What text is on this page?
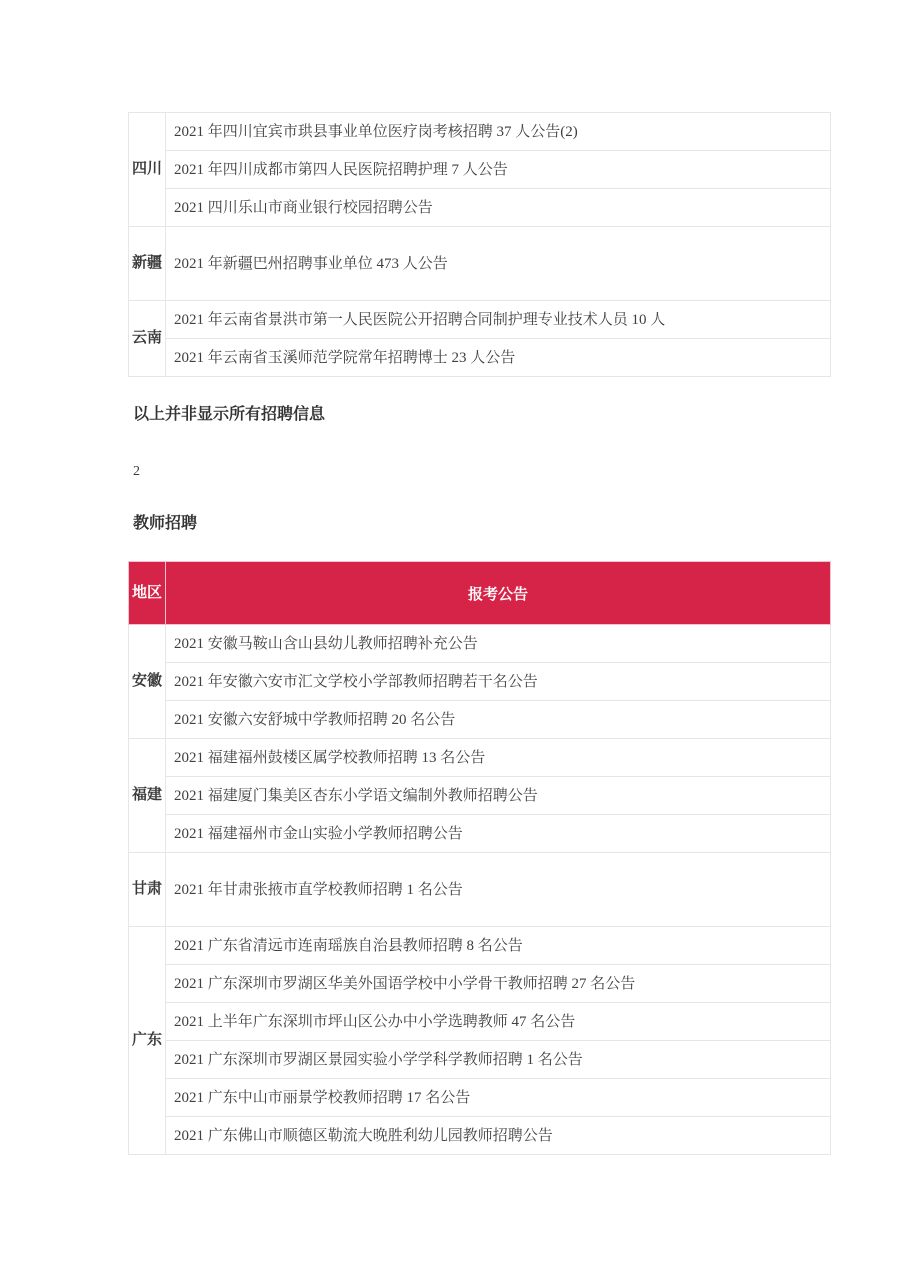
四川	2021 年四川宜宾市珙县事业单位医疗岗考核招聘 37 人公告(2)
	2021 年四川成都市第四人民医院招聘护理 7 人公告
	2021 四川乐山市商业银行校园招聘公告
新疆	2021 年新疆巴州招聘事业单位 473 人公告
云南	2021 年云南省景洪市第一人民医院公开招聘合同制护理专业技术人员 10 人
	2021 年云南省玉溪师范学院常年招聘博士 23 人公告

以上并非显示所有招聘信息

2

教师招聘
地区	报考公告
安徽	2021 安徽马鞍山含山县幼儿教师招聘补充公告
	2021 年安徽六安市汇文学校小学部教师招聘若干名公告
	2021 安徽六安舒城中学教师招聘 20 名公告
福建	2021 福建福州鼓楼区属学校教师招聘 13 名公告
	2021 福建厦门集美区杏东小学语文编制外教师招聘公告
	2021 福建福州市金山实验小学教师招聘公告
甘肃	2021 年甘肃张掖市直学校教师招聘 1 名公告
广东	2021 广东省清远市连南瑶族自治县教师招聘 8 名公告
	2021 广东深圳市罗湖区华美外国语学校中小学骨干教师招聘 27 名公告
	2021 上半年广东深圳市坪山区公办中小学选聘教师 47 名公告
	2021 广东深圳市罗湖区景园实验小学学科学教师招聘 1 名公告
	2021 广东中山市丽景学校教师招聘 17 名公告
	2021 广东佛山市顺德区勒流大晚胜利幼儿园教师招聘公告
